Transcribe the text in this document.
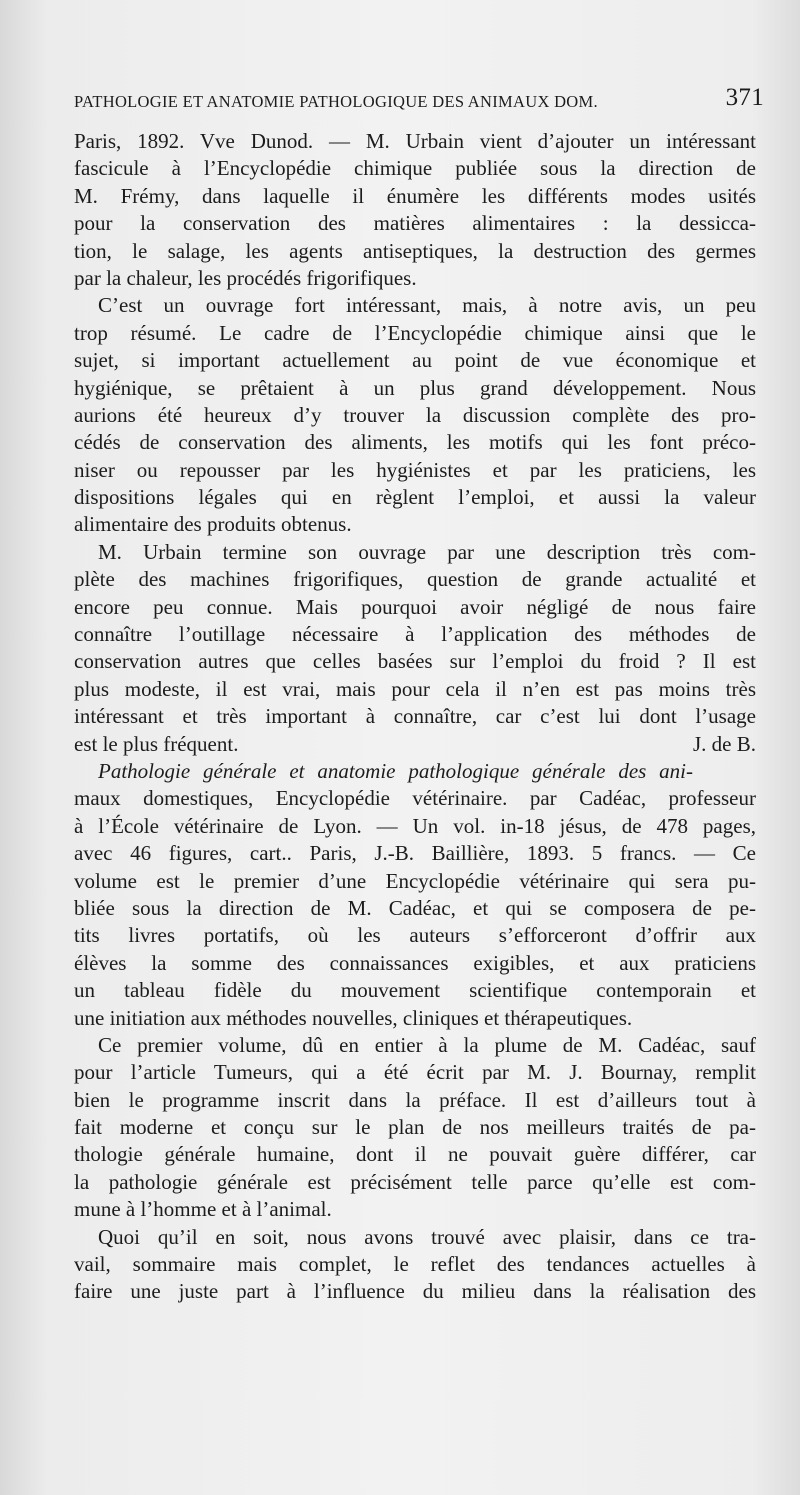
PATHOLOGIE ET ANATOMIE PATHOLOGIQUE DES ANIMAUX DOM.	371
Paris, 1892. Vve Dunod. — M. Urbain vient d’ajouter un intéressant
fascicule à l’Encyclopédie chimique publiée sous la direction de
M. Frémy, dans laquelle il énumère les différents modes usités
pour la conservation des matières alimentaires : la dessicca-
tion, le salage, les agents antiseptiques, la destruction des germes
par la chaleur, les procédés frigorifiques.
C’est un ouvrage fort intéressant, mais, à notre avis, un peu
trop résumé. Le cadre de l’Encyclopédie chimique ainsi que le
sujet, si important actuellement au point de vue économique et
hygiénique, se prêtaient à un plus grand développement. Nous
aurions été heureux d’y trouver la discussion complète des pro-
cédés de conservation des aliments, les motifs qui les font préco-
niser ou repousser par les hygiénistes et par les praticiens, les
dispositions légales qui en règlent l’emploi, et aussi la valeur
alimentaire des produits obtenus.
M. Urbain termine son ouvrage par une description très com-
plète des machines frigorifiques, question de grande actualité et
encore peu connue. Mais pourquoi avoir négligé de nous faire
connaître l’outillage nécessaire à l’application des méthodes de
conservation autres que celles basées sur l’emploi du froid ? Il est
plus modeste, il est vrai, mais pour cela il n’en est pas moins très
intéressant et très important à connaître, car c’est lui dont l’usage
est le plus fréquent.	J. de B.
Pathologie générale et anatomie pathologique générale des ani-
maux domestiques, Encyclopédie vétérinaire. par Cadéac, professeur
à l’École vétérinaire de Lyon. — Un vol. in-18 jésus, de 478 pages,
avec 46 figures, cart.. Paris, J.-B. Baillière, 1893. 5 francs. — Ce
volume est le premier d’une Encyclopédie vétérinaire qui sera pu-
bliée sous la direction de M. Cadéac, et qui se composera de pe-
tits livres portatifs, où les auteurs s’efforceront d’offrir aux
élèves la somme des connaissances exigibles, et aux praticiens
un tableau fidèle du mouvement scientifique contemporain et
une initiation aux méthodes nouvelles, cliniques et thérapeutiques.
Ce premier volume, dû en entier à la plume de M. Cadéac, sauf
pour l’article Tumeurs, qui a été écrit par M. J. Bournay, remplit
bien le programme inscrit dans la préface. Il est d’ailleurs tout à
fait moderne et conçu sur le plan de nos meilleurs traités de pa-
thologie générale humaine, dont il ne pouvait guère différer, car
la pathologie générale est précisément telle parce qu’elle est com-
mune à l’homme et à l’animal.
Quoi qu’il en soit, nous avons trouvé avec plaisir, dans ce tra-
vail, sommaire mais complet, le reflet des tendances actuelles à
faire une juste part à l’influence du milieu dans la réalisation des
